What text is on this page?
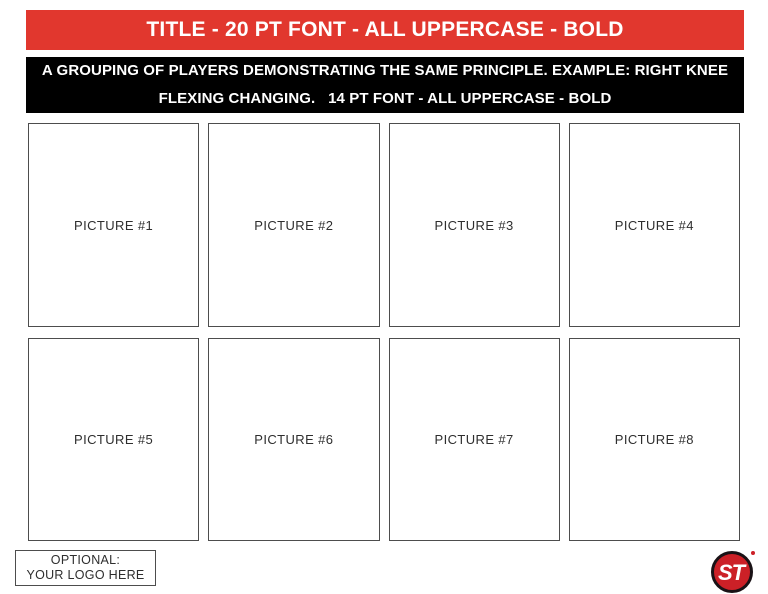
TITLE - 20 PT FONT - ALL UPPERCASE - BOLD
A GROUPING OF PLAYERS DEMONSTRATING THE SAME PRINCIPLE. EXAMPLE: RIGHT KNEE
FLEXING CHANGING.   14 PT FONT - ALL UPPERCASE - BOLD
PICTURE #1	PICTURE #2	PICTURE #3	PICTURE #4
PICTURE #5	PICTURE #6	PICTURE #7	PICTURE #8
OPTIONAL:
YOUR LOGO HERE	ST
